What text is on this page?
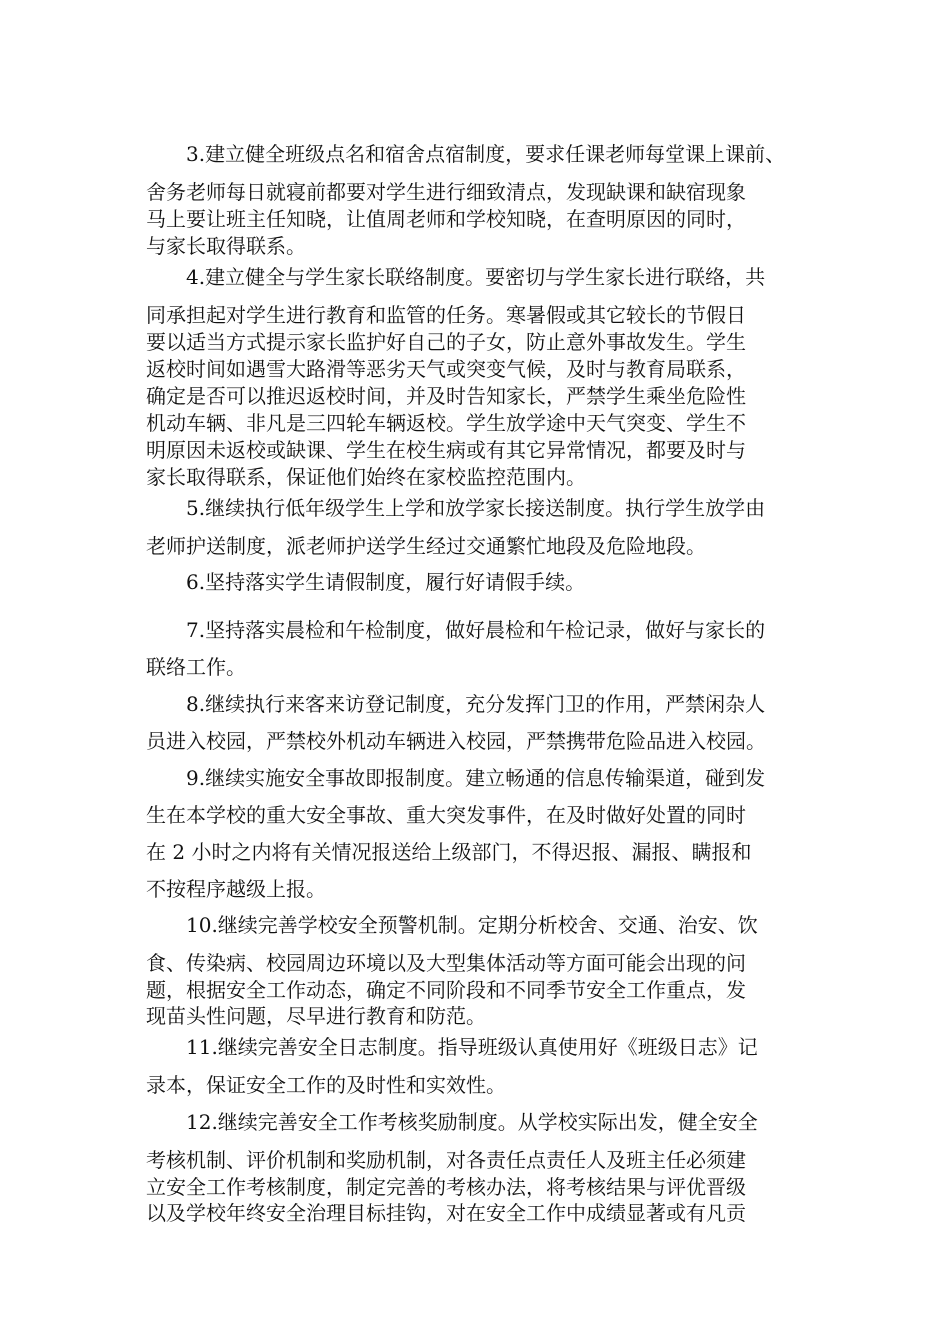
3.建立健全班级点名和宿舍点宿制度，要求任课老师每堂课上课前、
舍务老师每日就寝前都要对学生进行细致清点，发现缺课和缺宿现象
马上要让班主任知晓，让值周老师和学校知晓，在查明原因的同时，
与家长取得联系。
4.建立健全与学生家长联络制度。要密切与学生家长进行联络，共
同承担起对学生进行教育和监管的任务。寒暑假或其它较长的节假日
要以适当方式提示家长监护好自己的子女，防止意外事故发生。学生
返校时间如遇雪大路滑等恶劣天气或突变气候，及时与教育局联系，
确定是否可以推迟返校时间，并及时告知家长，严禁学生乘坐危险性
机动车辆、非凡是三四轮车辆返校。学生放学途中天气突变、学生不
明原因未返校或缺课、学生在校生病或有其它异常情况，都要及时与
家长取得联系，保证他们始终在家校监控范围内。
5.继续执行低年级学生上学和放学家长接送制度。执行学生放学由
老师护送制度，派老师护送学生经过交通繁忙地段及危险地段。
6.坚持落实学生请假制度，履行好请假手续。
7.坚持落实晨检和午检制度，做好晨检和午检记录，做好与家长的
联络工作。
8.继续执行来客来访登记制度，充分发挥门卫的作用，严禁闲杂人
员进入校园，严禁校外机动车辆进入校园，严禁携带危险品进入校园。
9.继续实施安全事故即报制度。建立畅通的信息传输渠道，碰到发
生在本学校的重大安全事故、重大突发事件，在及时做好处置的同时
在 2 小时之内将有关情况报送给上级部门，不得迟报、漏报、瞒报和
不按程序越级上报。
10.继续完善学校安全预警机制。定期分析校舍、交通、治安、饮
食、传染病、校园周边环境以及大型集体活动等方面可能会出现的问
题，根据安全工作动态，确定不同阶段和不同季节安全工作重点，发
现苗头性问题，尽早进行教育和防范。
11.继续完善安全日志制度。指导班级认真使用好《班级日志》记
录本，保证安全工作的及时性和实效性。
12.继续完善安全工作考核奖励制度。从学校实际出发，健全安全
考核机制、评价机制和奖励机制，对各责任点责任人及班主任必须建
立安全工作考核制度，制定完善的考核办法，将考核结果与评优晋级
以及学校年终安全治理目标挂钩，对在安全工作中成绩显著或有凡贡
